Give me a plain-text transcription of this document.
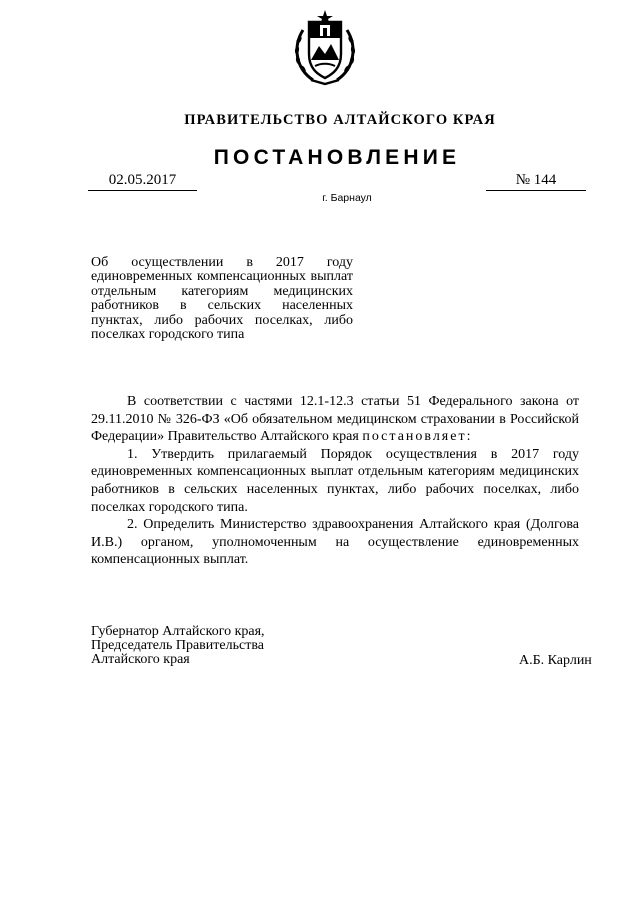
ПРАВИТЕЛЬСТВО АЛТАЙСКОГО КРАЯ
ПОСТАНОВЛЕНИЕ
02.05.2017	№ 144
г. Барнаул
Об осуществлении в 2017 году единовременных компенсационных выплат отдельным категориям медицинских работников в сельских населенных пунктах, либо рабочих поселках, либо поселках городского типа

В соответствии с частями 12.1-12.3 статьи 51 Федерального закона от 29.11.2010 № 326-ФЗ «Об обязательном медицинском страховании в Российской Федерации» Правительство Алтайского края постановляет:

1. Утвердить прилагаемый Порядок осуществления в 2017 году единовременных компенсационных выплат отдельным категориям медицинских работников в сельских населенных пунктах, либо рабочих поселках, либо поселках городского типа.

2. Определить Министерство здравоохранения Алтайского края (Долгова И.В.) органом, уполномоченным на осуществление единовременных компенсационных выплат.

Губернатор Алтайского края,
Председатель Правительства
Алтайского края	А.Б. Карлин
